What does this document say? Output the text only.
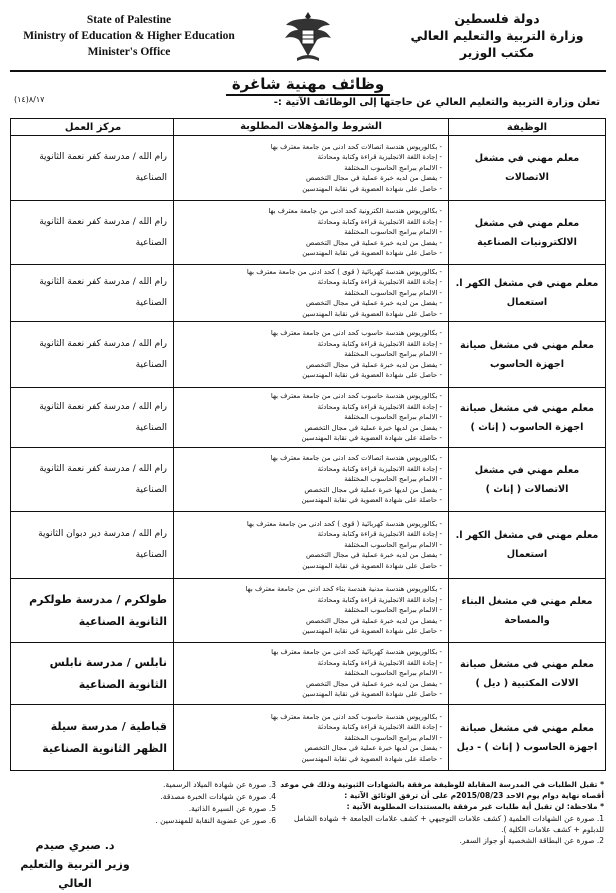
State of Palestine
Ministry of Education & Higher Education
Minister's Office
دولة فلسطين
وزارة التربية والتعليم العالي
مكتب الوزير
وظائف مهنية شاغرة
(١٤)٨/١٧	تعلن وزارة التربية والتعليم العالي عن حاجتها إلى الوظائف الآتية :-
الوظيفة
الشروط والمؤهلات المطلوبة
مركز العمل
معلم مهني في مشغل الاتصالات
- بكالوريوس هندسة اتصالات كحد ادنى من جامعة معترف بها
- إجادة اللغة الانجليزية قراءة وكتابة ومحادثة
- الالمام ببرامج الحاسوب المختلفة
- يفضل من لديه خبرة عملية في مجال التخصص
- حاصل على شهادة العضوية في نقابة المهندسين
رام الله / مدرسة كفر نعمة الثانوية الصناعية
معلم مهني في مشغل الالكترونيات الصناعية
- بكالوريوس هندسة الكترونية كحد ادنى من جامعة معترف بها
- إجادة اللغة الانجليزية قراءة وكتابة ومحادثة
- الالمام ببرامج الحاسوب المختلفة
- يفضل من لديه خبرة عملية في مجال التخصص
- حاصل على شهادة العضوية في نقابة المهندسين
رام الله / مدرسة كفر نعمة الثانوية الصناعية
معلم مهني في مشغل الكهر ا. استعمال
- بكالوريوس هندسة كهربائية ( قوى ) كحد ادنى من جامعة معترف بها
- إجادة اللغة الانجليزية قراءة وكتابة ومحادثة
- الالمام ببرامج الحاسوب المختلفة
- يفضل من لديه خبرة عملية في مجال التخصص
- حاصل على شهادة العضوية في نقابة المهندسين
رام الله / مدرسة كفر نعمة الثانوية الصناعية
معلم مهني في مشغل صيانة اجهزة الحاسوب
- بكالوريوس هندسة حاسوب كحد ادنى من جامعة معترف بها
- إجادة اللغة الانجليزية قراءة وكتابة ومحادثة
- الالمام ببرامج الحاسوب المختلفة
- يفضل من لديه خبرة عملية في مجال التخصص
- حاصل على شهادة العضوية في نقابة المهندسين
رام الله / مدرسة كفر نعمة الثانوية الصناعية
معلم مهني في مشغل صيانة اجهزة الحاسوب ( إناث )
- بكالوريوس هندسة حاسوب كحد ادنى من جامعة معترف بها
- إجادة اللغة الانجليزية قراءة وكتابة ومحادثة
- الالمام ببرامج الحاسوب المختلفة
- يفضل من لديها خبرة عملية في مجال التخصص
- حاصلة على شهادة العضوية في نقابة المهندسين
رام الله / مدرسة كفر نعمة الثانوية الصناعية
معلم مهني في مشغل الاتصالات ( إناث )
- بكالوريوس هندسة اتصالات كحد ادنى من جامعة معترف بها
- إجادة اللغة الانجليزية قراءة وكتابة ومحادثة
- الالمام ببرامج الحاسوب المختلفة
- يفضل من لديها خبرة عملية في مجال التخصص
- حاصلة على شهادة العضوية في نقابة المهندسين
رام الله / مدرسة كفر نعمة الثانوية الصناعية
معلم مهني في مشغل الكهر ا. استعمال
- بكالوريوس هندسة كهربائية ( قوى ) كحد ادنى من جامعة معترف بها
- إجادة اللغة الانجليزية قراءة وكتابة ومحادثة
- الالمام ببرامج الحاسوب المختلفة
- يفضل من لديه خبرة عملية في مجال التخصص
- حاصل على شهادة العضوية في نقابة المهندسين
رام الله / مدرسة دير دبوان الثانوية الصناعية
معلم مهني في مشغل البناء والمساحة
- بكالوريوس هندسة مدنية هندسة بناء كحد ادنى من جامعة معترف بها
- إجادة اللغة الانجليزية قراءة وكتابة ومحادثة
- الالمام ببرامج الحاسوب المختلفة
- يفضل من لديه خبرة عملية في مجال التخصص
- حاصل على شهادة العضوية في نقابة المهندسين
طولكرم / مدرسة طولكرم الثانوية الصناعية
معلم مهني في مشغل صيانة الالات المكتبية ( ديل )
- بكالوريوس هندسة كهربائية كحد ادنى من جامعة معترف بها
- إجادة اللغة الانجليزية قراءة وكتابة ومحادثة
- الالمام ببرامج الحاسوب المختلفة
- يفضل من لديه خبرة عملية في مجال التخصص
- حاصل على شهادة العضوية في نقابة المهندسين
نابلس / مدرسة نابلس الثانوية الصناعية
معلم مهني في مشغل صيانة اجهزة الحاسوب ( إناث ) - ديل
- بكالوريوس هندسة حاسوب كحد ادنى من جامعة معترف بها
- إجادة اللغة الانجليزية قراءة وكتابة ومحادثة
- الالمام ببرامج الحاسوب المختلفة
- يفضل من لديها خبرة عملية في مجال التخصص
- حاصلة على شهادة العضوية في نقابة المهندسين
قباطية / مدرسة سيلة الظهر الثانوية الصناعية
* تقبل الطلبات في المدرسة المقابلة للوظيفة مرفقة بالشهادات الثبوتية وذلك في موعد أقصاه نهاية دوام يوم الاحد 2015/08/23م على أن ترفق الوثائق الآتية :
* ملاحظة: لن تقبل أية طلبات غير مرفقة بالمستندات المطلوبة الآتية :
1. صورة عن الشهادات العلمية ( كشف علامات التوجيهي + كشف علامات الجامعة + شهادة الشامل للدبلوم + كشف علامات الكلية ).
2. صورة عن البطاقة الشخصية أو جواز السفر.
3. صورة عن شهادة الميلاد الرسمية.
4. صورة عن شهادات الخبرة مصدقة.
5. صورة عن السيرة الذاتية.
6. صور عن عضوية النقابة للمهندسين .
د. صبري صيدم
وزير التربية والتعليم العالي
